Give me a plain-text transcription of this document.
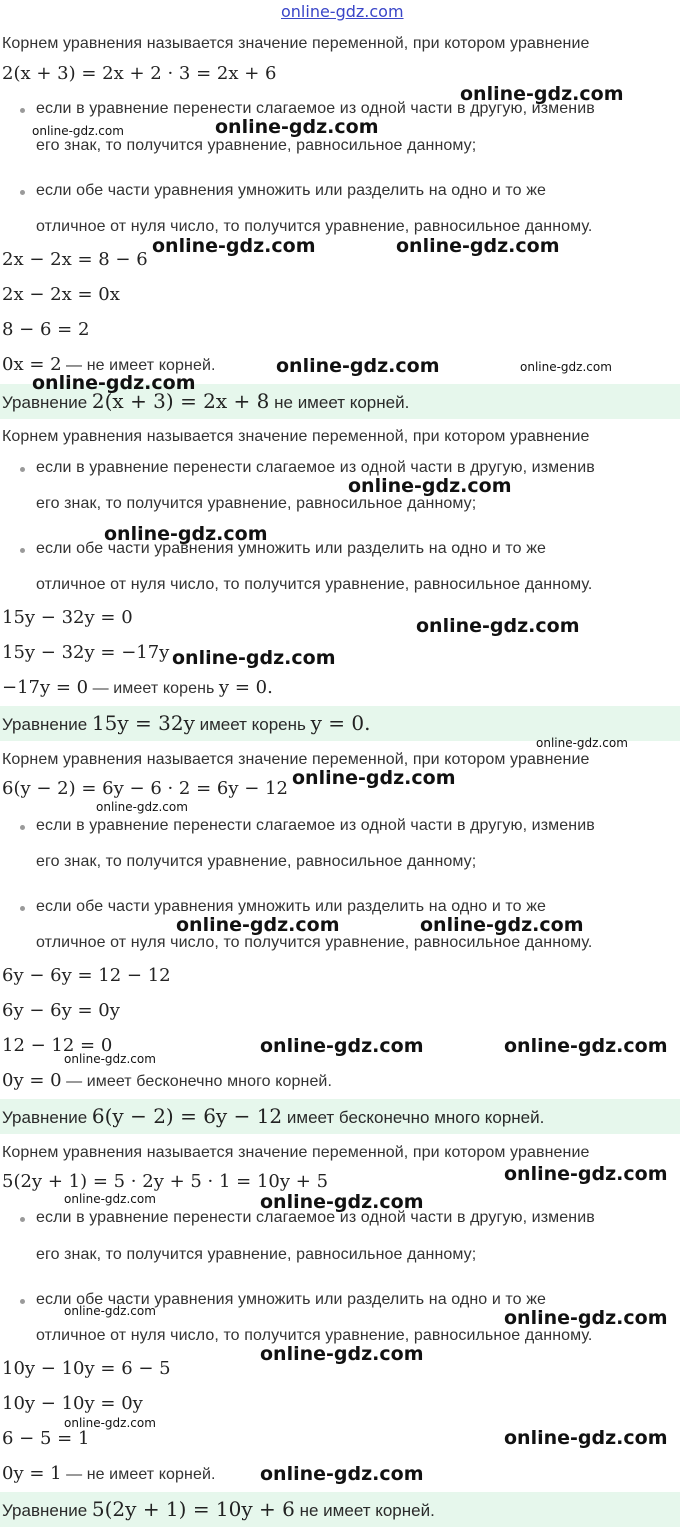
online-gdz.com
Корнем уравнения называется значение переменной, при котором уравнение
2(x + 3) = 2x + 2 · 3 = 2x + 6
если в уравнение перенести слагаемое из одной части в другую, изменив
его знак, то получится уравнение, равносильное данному;
если обе части уравнения умножить или разделить на одно и то же
отличное от нуля число, то получится уравнение, равносильное данному.
2x − 2x = 8 − 6
2x − 2x = 0x
8 − 6 = 2
0x = 2 — не имеет корней.
Уравнение 2(x + 3) = 2x + 8 не имеет корней.
Корнем уравнения называется значение переменной, при котором уравнение
если в уравнение перенести слагаемое из одной части в другую, изменив
его знак, то получится уравнение, равносильное данному;
если обе части уравнения умножить или разделить на одно и то же
отличное от нуля число, то получится уравнение, равносильное данному.
15y − 32y = 0
15y − 32y = −17y
−17y = 0 — имеет корень y = 0.
Уравнение 15y = 32y имеет корень y = 0.
Корнем уравнения называется значение переменной, при котором уравнение
6(y − 2) = 6y − 6 · 2 = 6y − 12
если в уравнение перенести слагаемое из одной части в другую, изменив
его знак, то получится уравнение, равносильное данному;
если обе части уравнения умножить или разделить на одно и то же
отличное от нуля число, то получится уравнение, равносильное данному.
6y − 6y = 12 − 12
6y − 6y = 0y
12 − 12 = 0
0y = 0 — имеет бесконечно много корней.
Уравнение 6(y − 2) = 6y − 12 имеет бесконечно много корней.
Корнем уравнения называется значение переменной, при котором уравнение
5(2y + 1) = 5 · 2y + 5 · 1 = 10y + 5
если в уравнение перенести слагаемое из одной части в другую, изменив
его знак, то получится уравнение, равносильное данному;
если обе части уравнения умножить или разделить на одно и то же
отличное от нуля число, то получится уравнение, равносильное данному.
10y − 10y = 6 − 5
10y − 10y = 0y
6 − 5 = 1
0y = 1 — не имеет корней.
Уравнение 5(2y + 1) = 10y + 6 не имеет корней.
online-gdz.com
online-gdz.com	online-gdz.com
online-gdz.com	online-gdz.com
online-gdz.com	online-gdz.com
online-gdz.com
online-gdz.com
online-gdz.com
online-gdz.com
online-gdz.com
online-gdz.com
online-gdz.com
online-gdz.com
online-gdz.com	online-gdz.com
online-gdz.com	online-gdz.com
online-gdz.com
online-gdz.com
online-gdz.com	online-gdz.com
online-gdz.com	online-gdz.com
online-gdz.com
online-gdz.com
online-gdz.com
online-gdz.com
